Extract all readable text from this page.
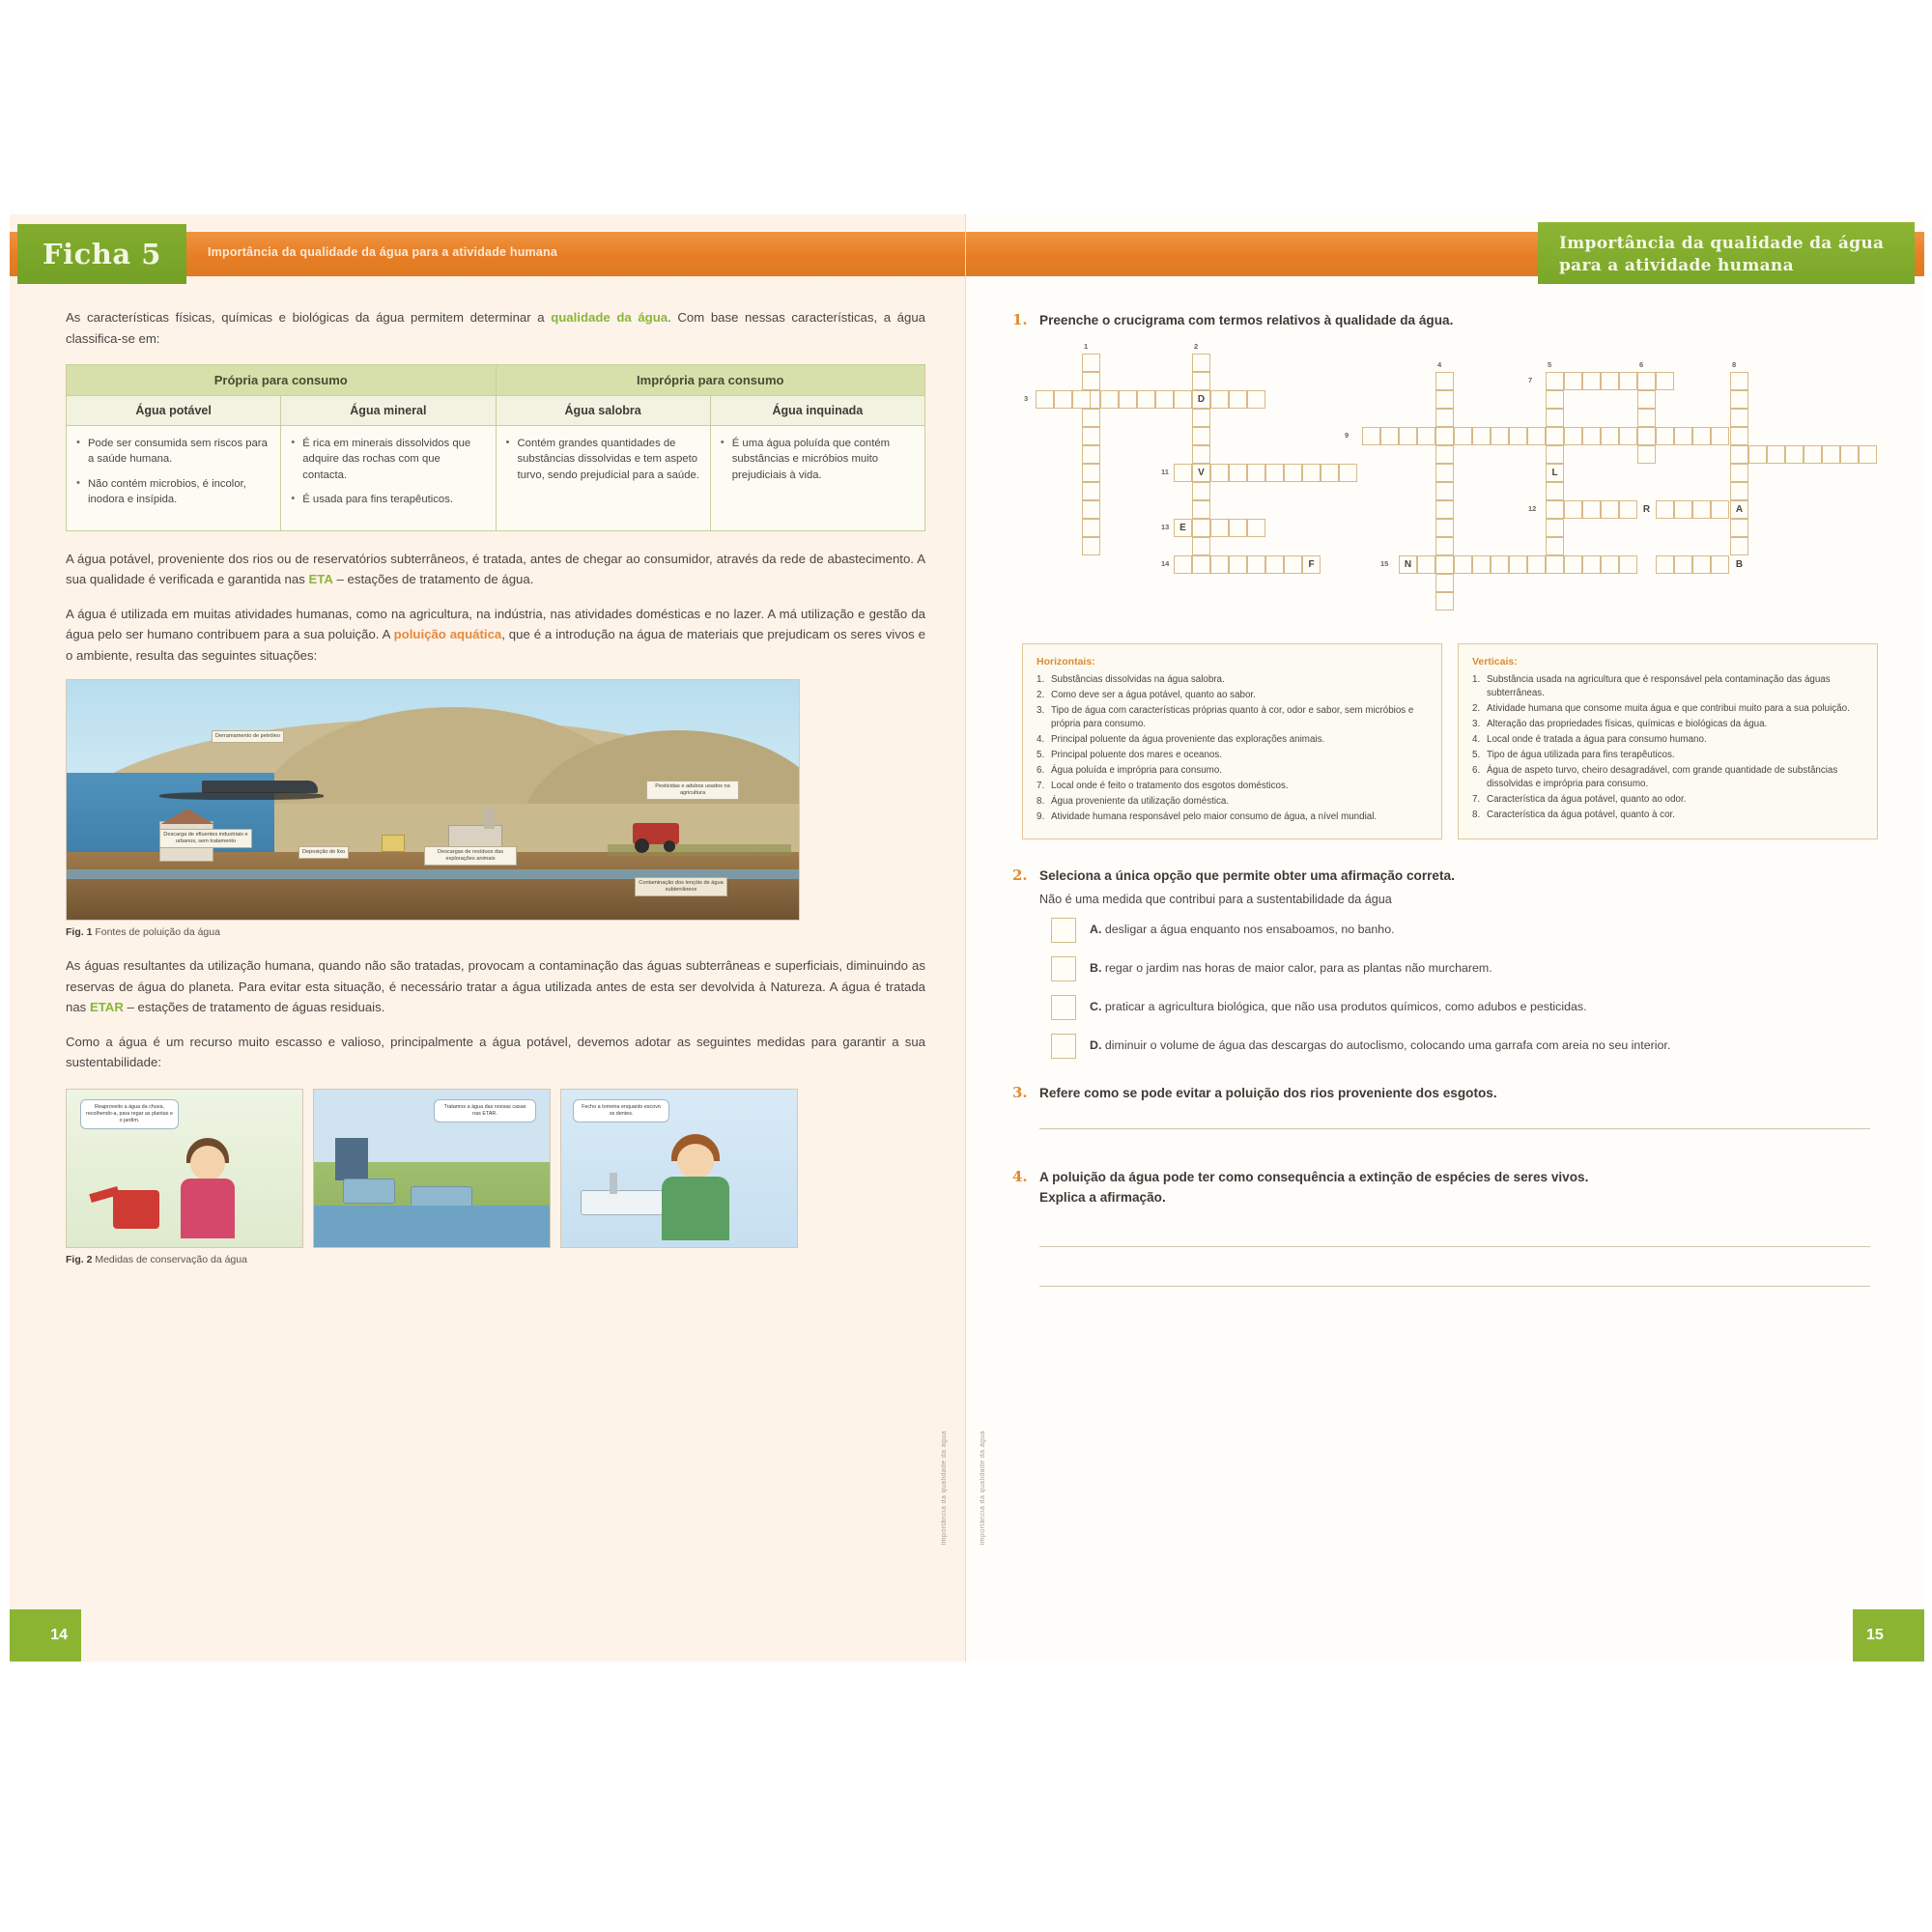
Ficha 5	Importância da qualidade da água para a atividade humana

As características físicas, químicas e biológicas da água permitem determinar a qualidade da água. Com base nessas características, a água classifica-se em:

Própria para consumo		Imprópria para consumo	
Água potável	Água mineral	Água salobra	Água inquinada

• Pode ser consumida sem riscos para a saúde humana.
• Não contém microbios, é incolor, inodora e insípida.

• É rica em minerais dissolvidos que adquire das rochas com que contacta.
• É usada para fins terapêuticos.

• Contém grandes quantidades de substâncias dissolvidas e tem aspeto turvo, sendo prejudicial para a saúde.

• É uma água poluída que contém substâncias e micróbios muito prejudiciais à vida.

A água potável, proveniente dos rios ou de reservatórios subterrâneos, é tratada, antes de chegar ao consumidor, através da rede de abastecimento. A sua qualidade é verificada e garantida nas ETA – estações de tratamento de água.

A água é utilizada em muitas atividades humanas, como na agricultura, na indústria, nas atividades domésticas e no lazer. A má utilização e gestão da água pelo ser humano contribuem para a sua poluição. A poluição aquática, que é a introdução na água de materiais que prejudicam os seres vivos e o ambiente, resulta das seguintes situações:

Derramamento de petróleo
Descarga de efluentes industriais e urbanos, sem tratamento
Deposição de lixo	Descargas de resíduos das explorações animais
Pesticidas e adubos usados na agricultura
Contaminação dos lençóis de água subterrâneos
Fig. 1 Fontes de poluição da água

As águas resultantes da utilização humana, quando não são tratadas, provocam a contaminação das águas subterrâneas e superficiais, diminuindo as reservas de água do planeta. Para evitar esta situação, é necessário tratar a água utilizada antes de esta ser devolvida à Natureza. A água é tratada nas ETAR – estações de tratamento de águas residuais.

Como a água é um recurso muito escasso e valioso, principalmente a água potável, devemos adotar as seguintes medidas para garantir a sua sustentabilidade:

Reaproveito a água da chuva, recolhendo-a, para regar as plantas e o jardim.
Tratamos a água das nossas casas nas ETAR.
Fecho a torneira enquanto escovo os dentes.
Fig. 2 Medidas de conservação da água
Importância da qualidade da água
14
Importância da qualidade da água
para a atividade humana
1. Preenche o crucigrama com termos relativos à qualidade da água.
1	2
3	D
4	5	6
7
8
9
11	V
12	R
13	E
14	F	15	N	B
L
A
Horizontais:
Substâncias dissolvidas na água salobra.
Como deve ser a água potável, quanto ao sabor.
Tipo de água com características próprias quanto à cor, odor e sabor, sem micróbios e própria para consumo.
Principal poluente da água proveniente das explorações animais.
Principal poluente dos mares e oceanos.
Água poluída e imprópria para consumo.
Local onde é feito o tratamento dos esgotos domésticos.
Água proveniente da utilização doméstica.
Atividade humana responsável pelo maior consumo de água, a nível mundial.
Verticais:
Substância usada na agricultura que é responsável pela contaminação das águas subterrâneas.
Atividade humana que consome muita água e que contribui muito para a sua poluição.
Alteração das propriedades físicas, químicas e biológicas da água.
Local onde é tratada a água para consumo humano.
Tipo de água utilizada para fins terapêuticos.
Água de aspeto turvo, cheiro desagradável, com grande quantidade de substâncias dissolvidas e imprópria para consumo.
Característica da água potável, quanto ao odor.
Característica da água potável, quanto à cor.
2. Seleciona a única opção que permite obter uma afirmação correta.
Não é uma medida que contribui para a sustentabilidade da água
A. desligar a água enquanto nos ensaboamos, no banho.
B. regar o jardim nas horas de maior calor, para as plantas não murcharem.
C. praticar a agricultura biológica, que não usa produtos químicos, como adubos e pesticidas.
D. diminuir o volume de água das descargas do autoclismo, colocando uma garrafa com areia no seu interior.
3. Refere como se pode evitar a poluição dos rios proveniente dos esgotos.
4. A poluição da água pode ter como consequência a extinção de espécies de seres vivos.
Explica a afirmação.
Importância da qualidade da água
15
